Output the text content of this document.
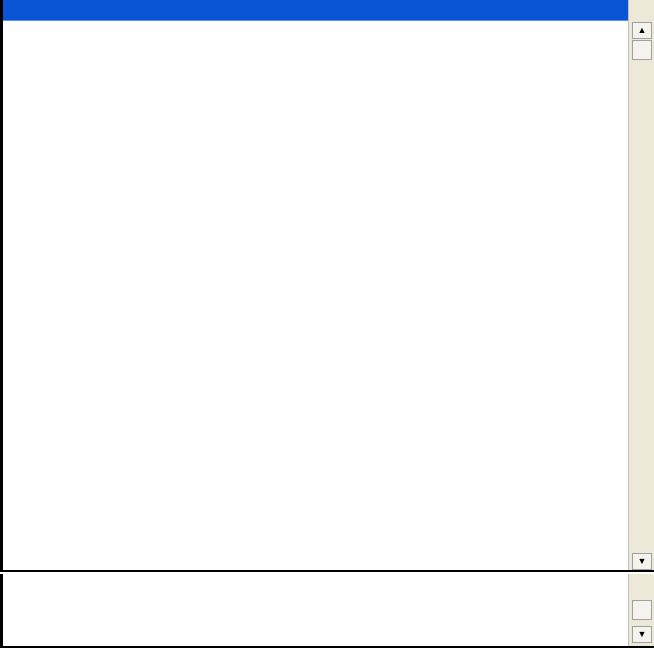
▲
▼
▼
